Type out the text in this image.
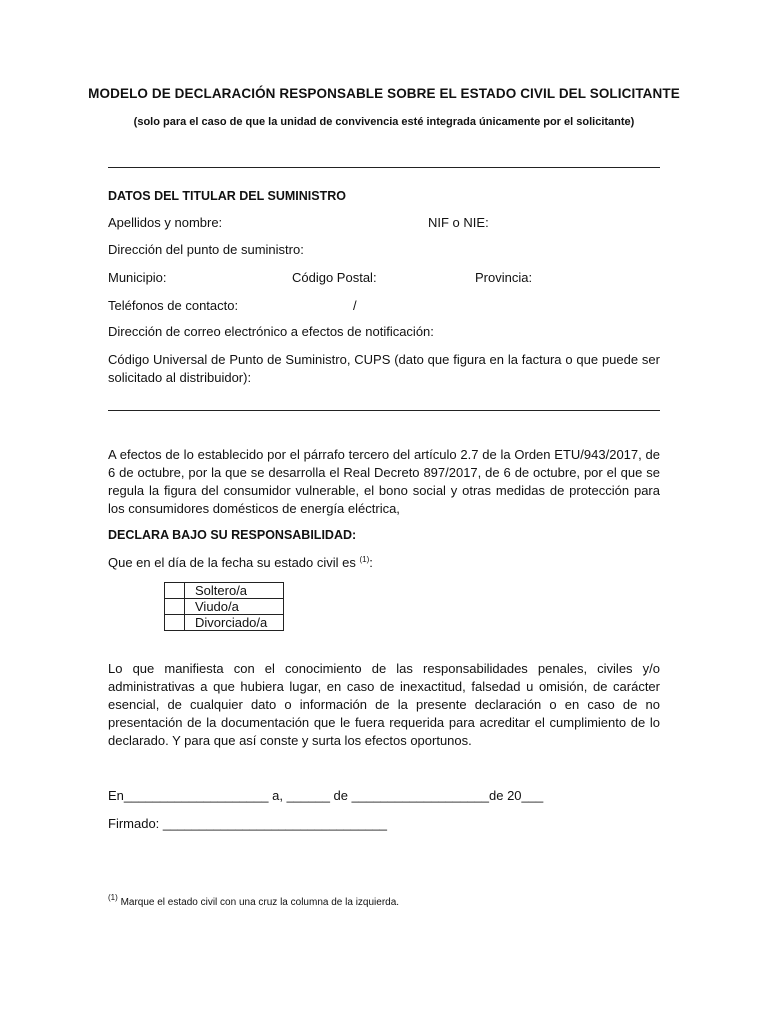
MODELO DE DECLARACIÓN RESPONSABLE SOBRE EL ESTADO CIVIL DEL SOLICITANTE
(solo para el caso de que la unidad de convivencia esté integrada únicamente por el solicitante)
DATOS DEL TITULAR DEL SUMINISTRO
Apellidos y nombre:	NIF o NIE:
Dirección del punto de suministro:
Municipio:	Código Postal:	Provincia:
Teléfonos de contacto:	/
Dirección de correo electrónico a efectos de notificación:
Código Universal de Punto de Suministro, CUPS (dato que figura en la factura o que puede ser solicitado al distribuidor):
A efectos de lo establecido por el párrafo tercero del artículo 2.7 de la Orden ETU/943/2017, de 6 de octubre, por la que se desarrolla el Real Decreto 897/2017, de 6 de octubre, por el que se regula la figura del consumidor vulnerable, el bono social y otras medidas de protección para los consumidores domésticos de energía eléctrica,
DECLARA BAJO SU RESPONSABILIDAD:
Que en el día de la fecha su estado civil es $^{(1)}$:
	Soltero/a
	Viudo/a
	Divorciado/a
Lo que manifiesta con el conocimiento de las responsabilidades penales, civiles y/o administrativas a que hubiera lugar, en caso de inexactitud, falsedad u omisión, de carácter esencial, de cualquier dato o información de la presente declaración o en caso de no presentación de la documentación que le fuera requerida para acreditar el cumplimiento de lo declarado. Y para que así conste y surta los efectos oportunos.
En____________________ a, ______ de ___________________de 20___
Firmado: _______________________________
$^{(1)}$ Marque el estado civil con una cruz la columna de la izquierda.
